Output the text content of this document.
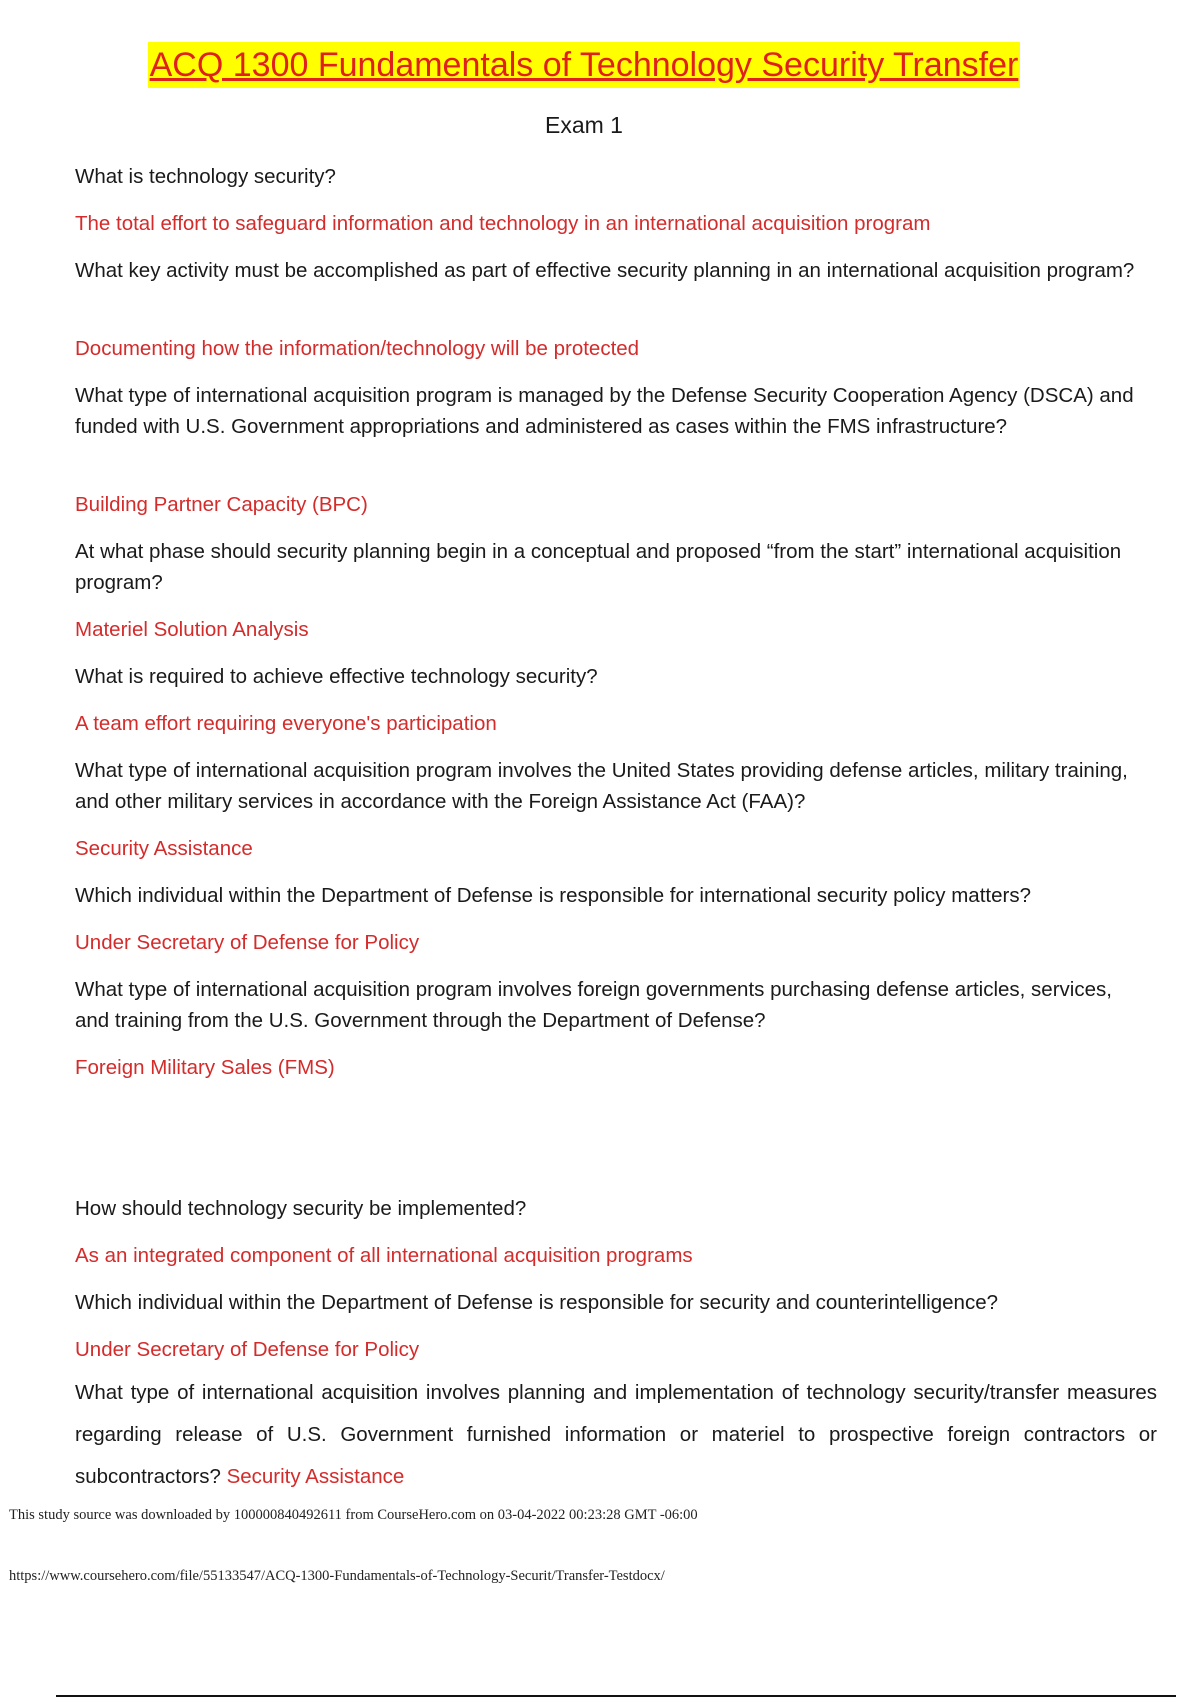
ACQ 1300 Fundamentals of Technology Security Transfer
Exam 1

What is technology security?

The total effort to safeguard information and technology in an international acquisition program

What key activity must be accomplished as part of effective security planning in an international acquisition program?

Documenting how the information/technology will be protected

What type of international acquisition program is managed by the Defense Security Cooperation Agency (DSCA) and funded with U.S. Government appropriations and administered as cases within the FMS infrastructure?

Building Partner Capacity (BPC)

At what phase should security planning begin in a conceptual and proposed “from the start” international acquisition program?

Materiel Solution Analysis

What is required to achieve effective technology security?

A team effort requiring everyone's participation

What type of international acquisition program involves the United States providing defense articles, military training, and other military services in accordance with the Foreign Assistance Act (FAA)?

Security Assistance

Which individual within the Department of Defense is responsible for international security policy matters?

Under Secretary of Defense for Policy

What type of international acquisition program involves foreign governments purchasing defense articles, services, and training from the U.S. Government through the Department of Defense?

Foreign Military Sales (FMS)

How should technology security be implemented?

As an integrated component of all international acquisition programs

Which individual within the Department of Defense is responsible for security and counterintelligence?

Under Secretary of Defense for Policy

What type of international acquisition involves planning and implementation of technology security/transfer measures regarding release of U.S. Government furnished information or materiel to prospective foreign contractors or subcontractors? Security Assistance

This study source was downloaded by 100000840492611 from CourseHero.com on 03-04-2022 00:23:28 GMT -06:00
https://www.coursehero.com/file/55133547/ACQ-1300-Fundamentals-of-Technology-Securit/Transfer-Testdocx/
